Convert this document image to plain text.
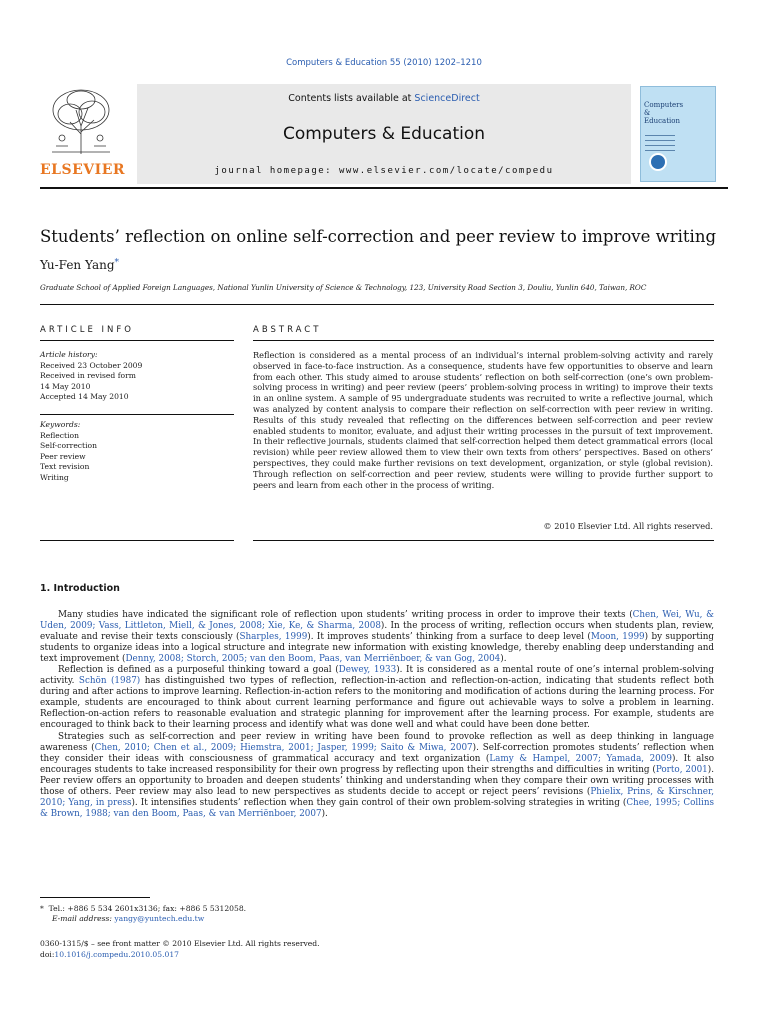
Computers & Education 55 (2010) 1202–1210
ELSEVIER
Contents lists available at ScienceDirect
Computers & Education
journal homepage: www.elsevier.com/locate/compedu
Computers
&
Education
Students’ reflection on online self-correction and peer review to improve writing
Yu-Fen Yang*
Graduate School of Applied Foreign Languages, National Yunlin University of Science & Technology, 123, University Road Section 3, Douliu, Yunlin 640, Taiwan, ROC
ARTICLE INFO	ABSTRACT
Article history:
Received 23 October 2009
Received in revised form
14 May 2010
Accepted 14 May 2010
Keywords:
Reflection
Self-correction
Peer review
Text revision
Writing
Reflection is considered as a mental process of an individual’s internal problem-solving activity and rarely observed in face-to-face instruction. As a consequence, students have few opportunities to observe and learn from each other. This study aimed to arouse students’ reflection on both self-correction (one’s own problem-solving process in writing) and peer review (peers’ problem-solving process in writing) to improve their texts in an online system. A sample of 95 undergraduate students was recruited to write a reflective journal, which was analyzed by content analysis to compare their reflection on self-correction with peer review in writing. Results of this study revealed that reflecting on the differences between self-correction and peer review enabled students to monitor, evaluate, and adjust their writing processes in the pursuit of text improvement. In their reflective journals, students claimed that self-correction helped them detect grammatical errors (local revision) while peer review allowed them to view their own texts from others’ perspectives. Based on others’ perspectives, they could make further revisions on text development, organization, or style (global revision). Through reflection on self-correction and peer review, students were willing to provide further support to peers and learn from each other in the process of writing.
© 2010 Elsevier Ltd. All rights reserved.
1. Introduction

Many studies have indicated the significant role of reflection upon students’ writing process in order to improve their texts (Chen, Wei, Wu, & Uden, 2009; Vass, Littleton, Miell, & Jones, 2008; Xie, Ke, & Sharma, 2008). In the process of writing, reflection occurs when students plan, review, evaluate and revise their texts consciously (Sharples, 1999). It improves students’ thinking from a surface to deep level (Moon, 1999) by supporting students to organize ideas into a logical structure and integrate new information with existing knowledge, thereby enabling deep understanding and text improvement (Denny, 2008; Storch, 2005; van den Boom, Paas, van Merriënboer, & van Gog, 2004).

Reflection is defined as a purposeful thinking toward a goal (Dewey, 1933). It is considered as a mental route of one’s internal problem-solving activity. Schön (1987) has distinguished two types of reflection, reflection-in-action and reflection-on-action, indicating that students reflect both during and after actions to improve learning. Reflection-in-action refers to the monitoring and modification of actions during the learning process. For example, students are encouraged to think about current learning performance and figure out achievable ways to solve a problem in learning. Reflection-on-action refers to reasonable evaluation and strategic planning for improvement after the learning process. For example, students are encouraged to think back to their learning process and identify what was done well and what could have been done better.

Strategies such as self-correction and peer review in writing have been found to provoke reflection as well as deep thinking in language awareness (Chen, 2010; Chen et al., 2009; Hiemstra, 2001; Jasper, 1999; Saito & Miwa, 2007). Self-correction promotes students’ reflection when they consider their ideas with consciousness of grammatical accuracy and text organization (Lamy & Hampel, 2007; Yamada, 2009). It also encourages students to take increased responsibility for their own progress by reflecting upon their strengths and difficulties in writing (Porto, 2001). Peer review offers an opportunity to broaden and deepen students’ thinking and understanding when they compare their own writing processes with those of others. Peer review may also lead to new perspectives as students decide to accept or reject peers’ revisions (Phielix, Prins, & Kirschner, 2010; Yang, in press). It intensifies students’ reflection when they gain control of their own problem-solving strategies in writing (Chee, 1995; Collins & Brown, 1988; van den Boom, Paas, & van Merriënboer, 2007).

* Tel.: +886 5 534 2601x3136; fax: +886 5 5312058.
E-mail address: yangy@yuntech.edu.tw
0360-1315/$ – see front matter © 2010 Elsevier Ltd. All rights reserved.
doi:10.1016/j.compedu.2010.05.017
